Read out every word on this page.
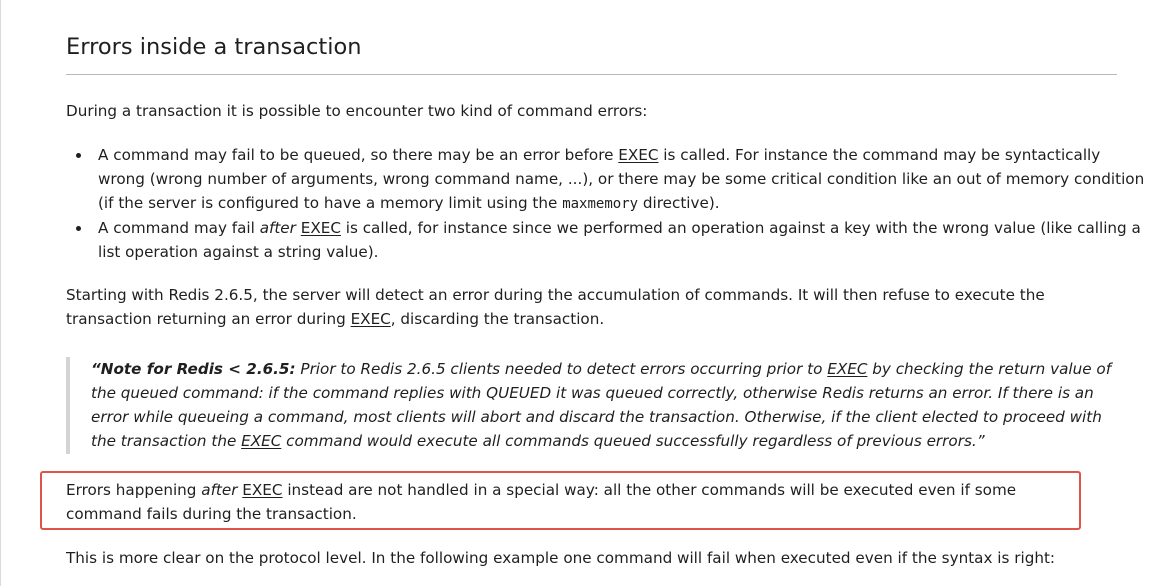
Errors inside a transaction

During a transaction it is possible to encounter two kind of command errors:

A command may fail to be queued, so there may be an error before EXEC is called. For instance the command may be syntactically wrong (wrong number of arguments, wrong command name, ...), or there may be some critical condition like an out of memory condition (if the server is configured to have a memory limit using the maxmemory directive).
A command may fail after EXEC is called, for instance since we performed an operation against a key with the wrong value (like calling a list operation against a string value).

Starting with Redis 2.6.5, the server will detect an error during the accumulation of commands. It will then refuse to execute the transaction returning an error during EXEC, discarding the transaction.

“Note for Redis < 2.6.5: Prior to Redis 2.6.5 clients needed to detect errors occurring prior to EXEC by checking the return value of the queued command: if the command replies with QUEUED it was queued correctly, otherwise Redis returns an error. If there is an error while queueing a command, most clients will abort and discard the transaction. Otherwise, if the client elected to proceed with the transaction the EXEC command would execute all commands queued successfully regardless of previous errors.”

Errors happening after EXEC instead are not handled in a special way: all the other commands will be executed even if some command fails during the transaction.

This is more clear on the protocol level. In the following example one command will fail when executed even if the syntax is right:
